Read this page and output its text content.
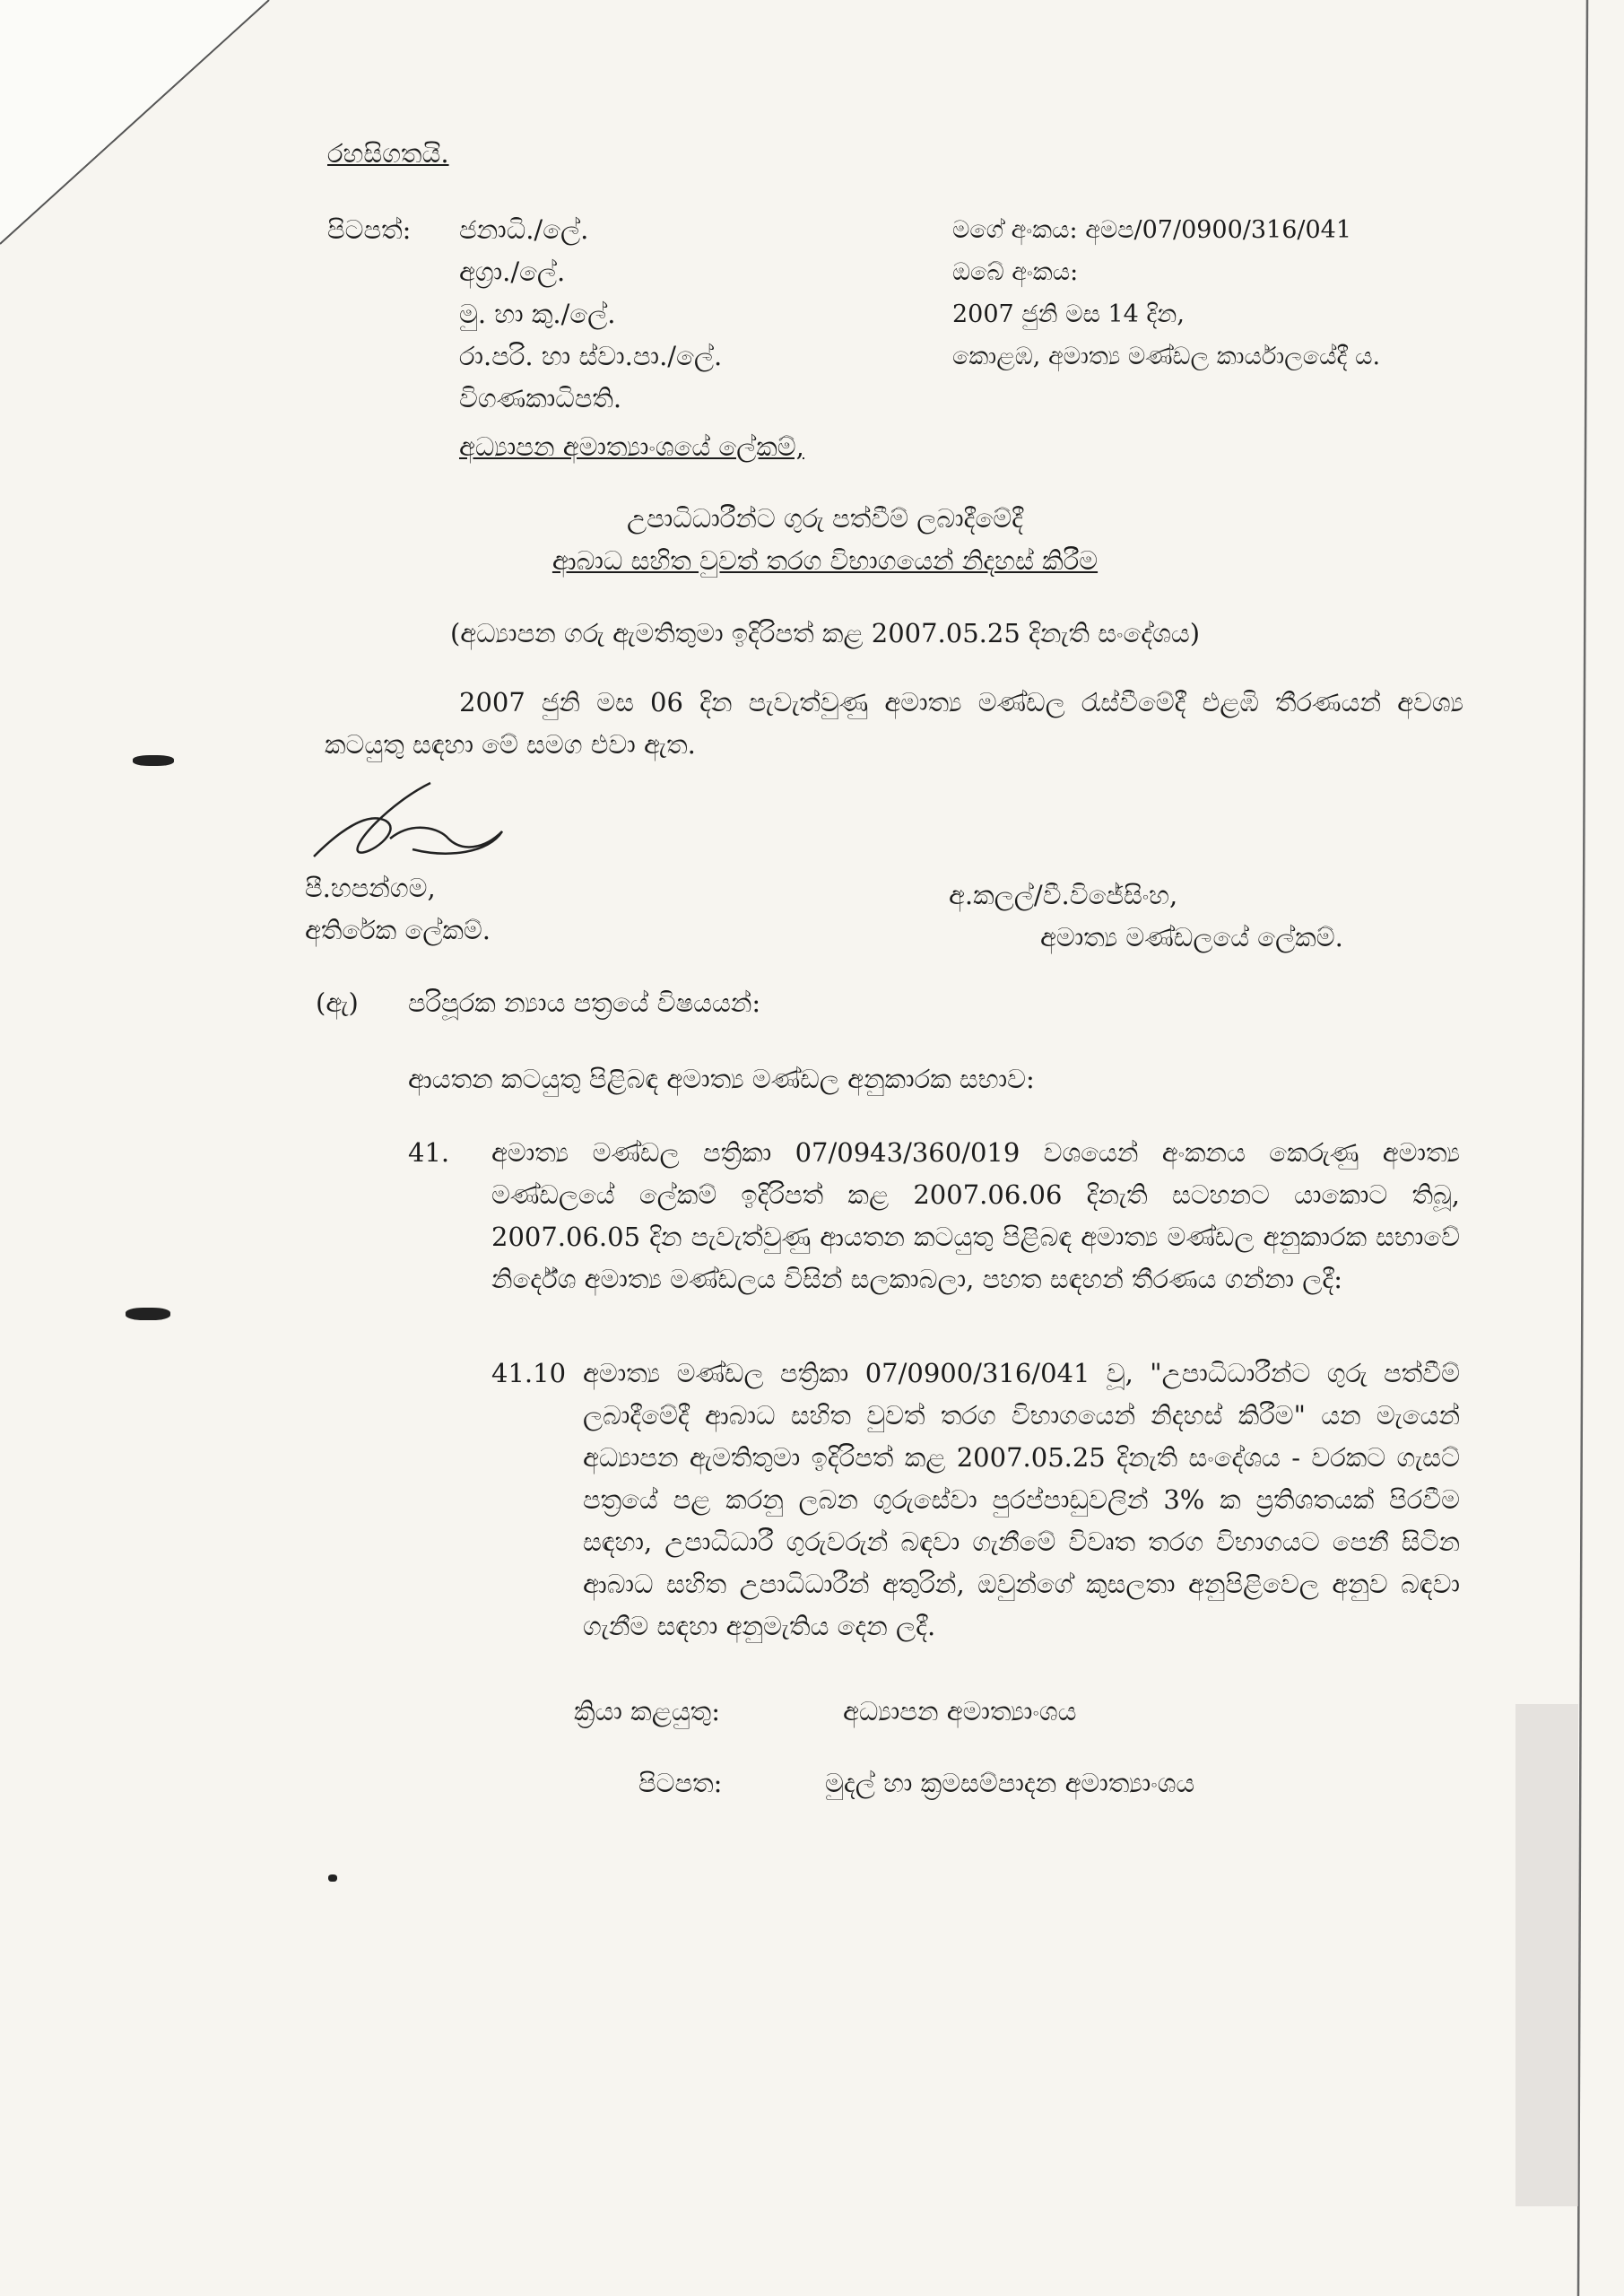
රහසිගතයි.
පිටපත්: ජනාධි./ලේ.
අග්‍රා./ලේ.
මු. හා කු./ලේ.
රා.පරි. හා ස්වා.පා./ලේ.
විගණකාධිපති.
මගේ අංකය: අමප/07/0900/316/041
ඔබේ අංකය:
2007 ජුනි මස 14 දින,
කොළඹ, අමාත්‍ය මණ්ඩල කාර්යාලයේදී ය.
අධ්‍යාපන අමාත්‍යාංශයේ ලේකම්,
උපාධිධාරීන්ට ගුරු පත්වීම් ලබාදීමේදී
ආබාධ සහිත වුවත් තරග විභාගයෙන් නිදහස් කිරීම
(අධ්‍යාපන ගරු ඇමතිතුමා ඉදිරිපත් කළ 2007.05.25 දිනැති සංදේශය)
2007 ජුනි මස 06 දින පැවැත්වුණු අමාත්‍ය මණ්ඩල රැස්වීමේදී එළඹි තීරණයන් අවශ්‍ය කටයුතු සඳහා මේ සමග එවා ඇත.
පී.හපන්ගම,
අතිරේක ලේකම්.
අ.කලල්/වී.විජේසිංහ,
අමාත්‍ය මණ්ඩලයේ ලේකම්.
(ඇ) පරිපූරක න්‍යාය පත්‍රයේ විෂයයන්:
ආයතන කටයුතු පිළිබඳ අමාත්‍ය මණ්ඩල අනුකාරක සභාව:
41. අමාත්‍ය මණ්ඩල පත්‍රිකා 07/0943/360/019 වශයෙන් අංකනය කෙරුණු අමාත්‍ය මණ්ඩලයේ ලේකම් ඉදිරිපත් කළ 2007.06.06 දිනැති සටහනට යාකොට තිබූ, 2007.06.05 දින පැවැත්වුණු ආයතන කටයුතු පිළිබඳ අමාත්‍ය මණ්ඩල අනුකාරක සභාවේ නිර්දේශ අමාත්‍ය මණ්ඩලය විසින් සලකාබලා, පහත සඳහන් තීරණය ගන්නා ලදී:
41.10 අමාත්‍ය මණ්ඩල පත්‍රිකා 07/0900/316/041 වූ, "උපාධිධාරීන්ට ගුරු පත්වීම් ලබාදීමේදී ආබාධ සහිත වුවත් තරග විභාගයෙන් නිදහස් කිරීම" යන මැයෙන් අධ්‍යාපන ඇමතිතුමා ඉදිරිපත් කළ 2007.05.25 දිනැති සංදේශය - වරකට ගැසට් පත්‍රයේ පළ කරනු ලබන ගුරුසේවා පුරප්පාඩුවලින් 3% ක ප්‍රතිශතයක් පිරවීම සඳහා, උපාධිධාරී ගුරුවරුන් බඳවා ගැනීමේ විවෘත තරග විභාගයට පෙනී සිටින ආබාධ සහිත උපාධිධාරීන් අතුරින්, ඔවුන්ගේ කුසලතා අනුපිළිවෙල අනුව බඳවා ගැනීම සඳහා අනුමැතිය දෙන ලදී.
ක්‍රියා කළයුතු:	අධ්‍යාපන අමාත්‍යාංශය
පිටපත:	මුදල් හා ක්‍රමසම්පාදන අමාත්‍යාංශය
